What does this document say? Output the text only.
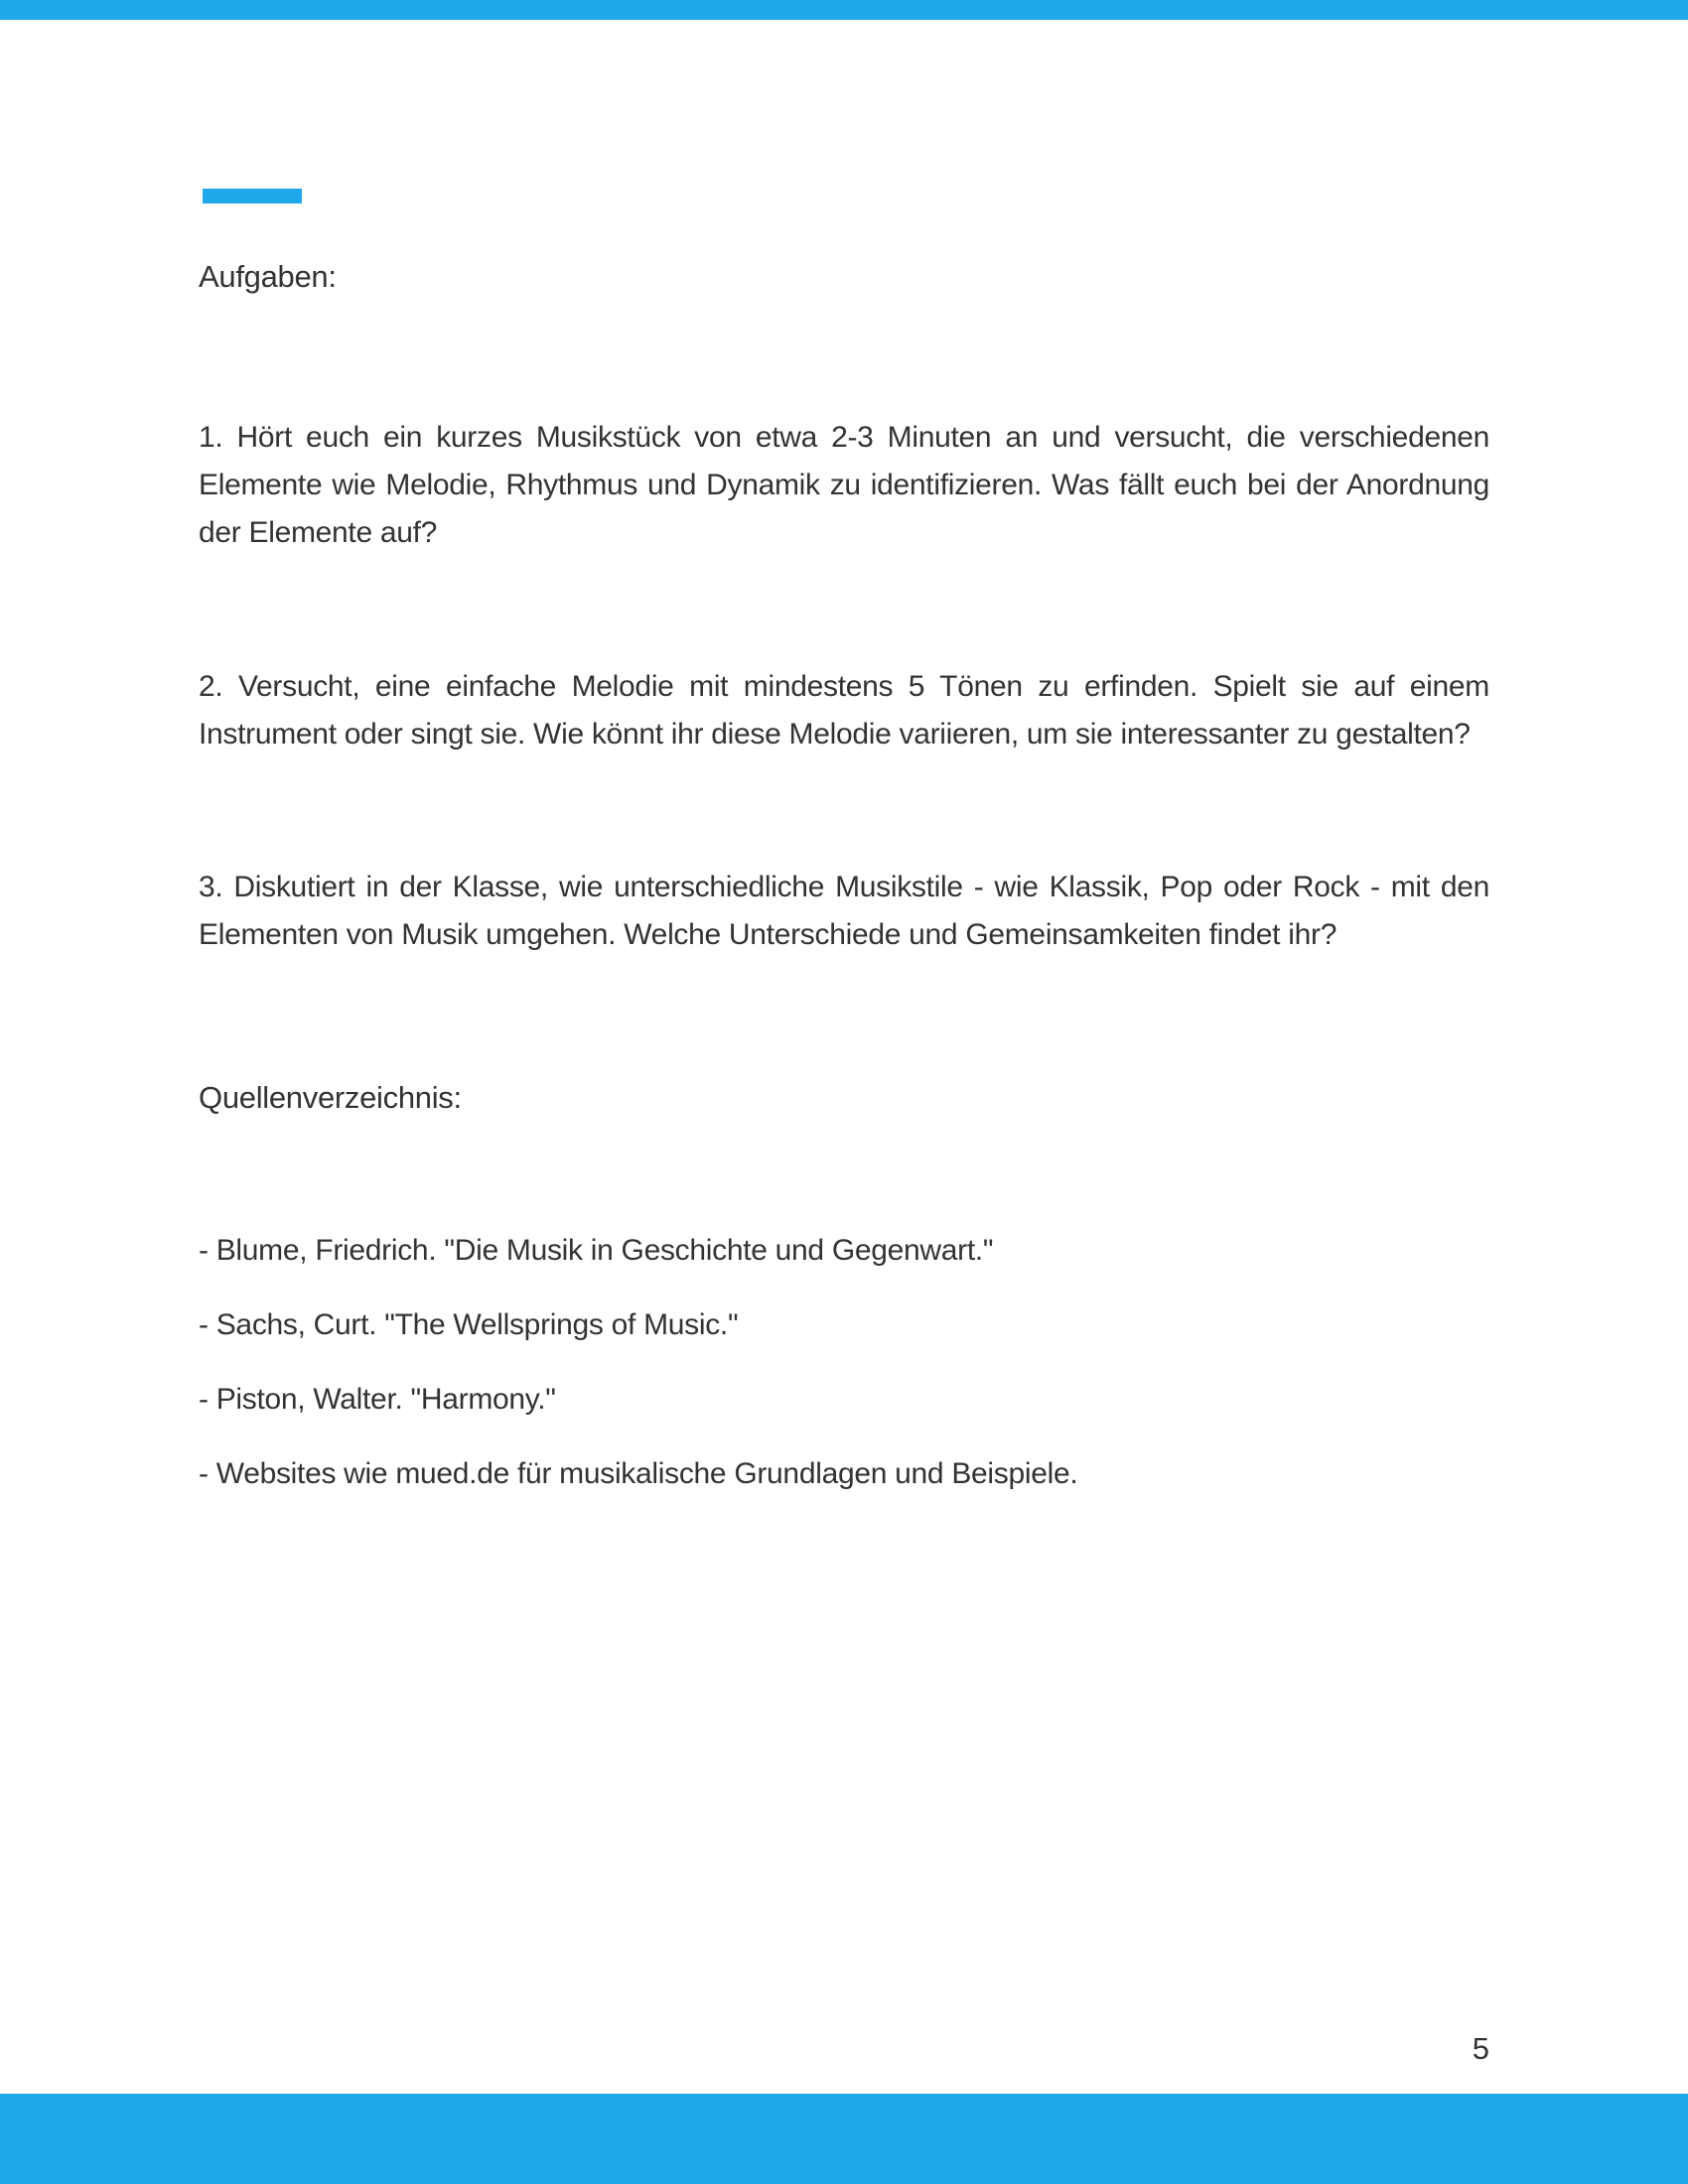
Aufgaben:

1. Hört euch ein kurzes Musikstück von etwa 2-3 Minuten an und versucht, die verschiedenen Elemente wie Melodie, Rhythmus und Dynamik zu identifizieren. Was fällt euch bei der Anordnung der Elemente auf?

2. Versucht, eine einfache Melodie mit mindestens 5 Tönen zu erfinden. Spielt sie auf einem Instrument oder singt sie. Wie könnt ihr diese Melodie variieren, um sie interessanter zu gestalten?

3. Diskutiert in der Klasse, wie unterschiedliche Musikstile - wie Klassik, Pop oder Rock - mit den Elementen von Musik umgehen. Welche Unterschiede und Gemeinsamkeiten findet ihr?

Quellenverzeichnis:

- Blume, Friedrich. "Die Musik in Geschichte und Gegenwart."

- Sachs, Curt. "The Wellsprings of Music."

- Piston, Walter. "Harmony."

- Websites wie mued.de für musikalische Grundlagen und Beispiele.

5
